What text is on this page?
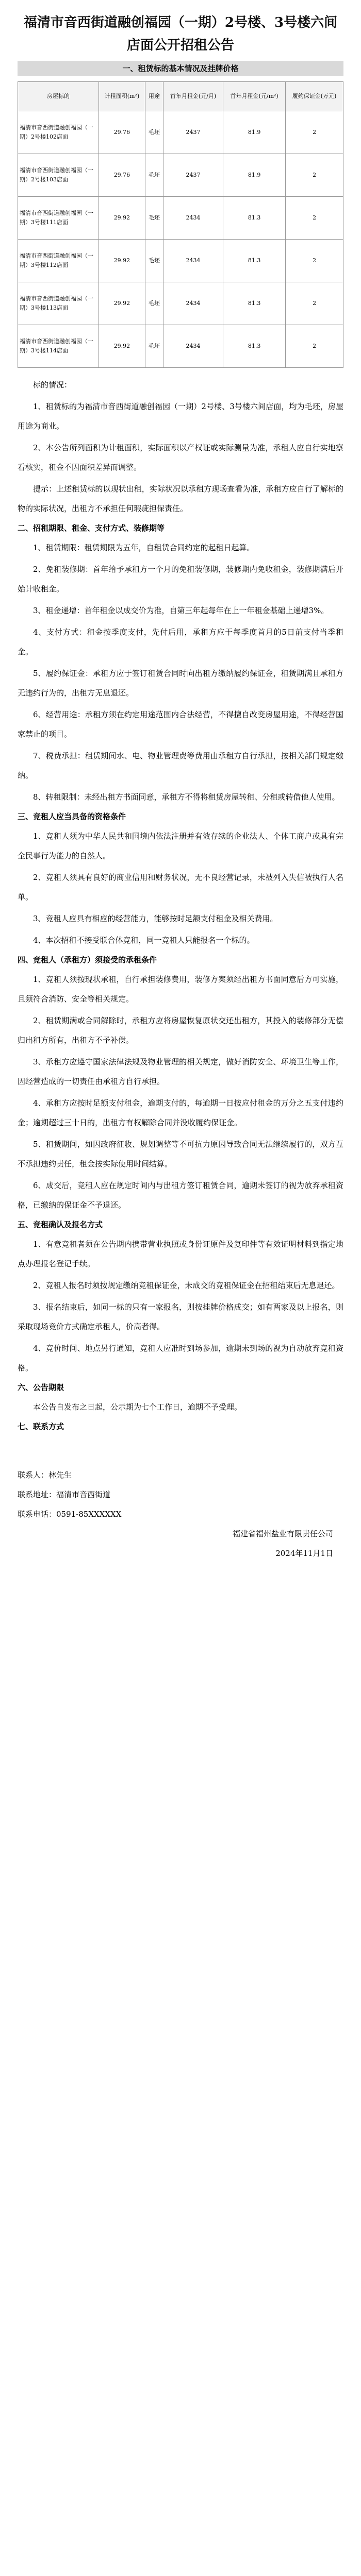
福清市音西街道融创福园（一期）2号楼、3号楼六间店面公开招租公告
一、租赁标的基本情况及挂牌价格
房屋标的	计租面积(m²)	用途	首年月租金(元/月)	首年月租金(元/m²)	履约保证金(万元)
福清市音西街道融创福园（一期）2号楼102店面	29.76	毛坯	2437	81.9	2
福清市音西街道融创福园（一期）2号楼103店面	29.76	毛坯	2437	81.9	2
福清市音西街道融创福园（一期）3号楼111店面	29.92	毛坯	2434	81.3	2
福清市音西街道融创福园（一期）3号楼112店面	29.92	毛坯	2434	81.3	2
福清市音西街道融创福园（一期）3号楼113店面	29.92	毛坯	2434	81.3	2
福清市音西街道融创福园（一期）3号楼114店面	29.92	毛坯	2434	81.3	2

标的情况：

1、租赁标的为福清市音西街道融创福园（一期）2号楼、3号楼六间店面，均为毛坯，房屋用途为商业。

2、本公告所列面积为计租面积，实际面积以产权证或实际测量为准，承租人应自行实地察看核实，租金不因面积差异而调整。

提示：上述租赁标的以现状出租，实际状况以承租方现场查看为准，承租方应自行了解标的物的实际状况，出租方不承担任何瑕疵担保责任。

二、招租期限、租金、支付方式、装修期等

1、租赁期限：租赁期限为五年，自租赁合同约定的起租日起算。

2、免租装修期：首年给予承租方一个月的免租装修期，装修期内免收租金，装修期满后开始计收租金。

3、租金递增：首年租金以成交价为准，自第三年起每年在上一年租金基础上递增3%。

4、支付方式：租金按季度支付，先付后用，承租方应于每季度首月的5日前支付当季租金。

5、履约保证金：承租方应于签订租赁合同时向出租方缴纳履约保证金，租赁期满且承租方无违约行为的，出租方无息退还。

6、经营用途：承租方须在约定用途范围内合法经营，不得擅自改变房屋用途，不得经营国家禁止的项目。

7、税费承担：租赁期间水、电、物业管理费等费用由承租方自行承担，按相关部门规定缴纳。

8、转租限制：未经出租方书面同意，承租方不得将租赁房屋转租、分租或转借他人使用。

三、竞租人应当具备的资格条件

1、竞租人须为中华人民共和国境内依法注册并有效存续的企业法人、个体工商户或具有完全民事行为能力的自然人。

2、竞租人须具有良好的商业信用和财务状况，无不良经营记录，未被列入失信被执行人名单。

3、竞租人应具有相应的经营能力，能够按时足额支付租金及相关费用。

4、本次招租不接受联合体竞租，同一竞租人只能报名一个标的。

四、竞租人（承租方）须接受的承租条件

1、竞租人须按现状承租，自行承担装修费用，装修方案须经出租方书面同意后方可实施，且须符合消防、安全等相关规定。

2、租赁期满或合同解除时，承租方应将房屋恢复原状交还出租方，其投入的装修部分无偿归出租方所有，出租方不予补偿。

3、承租方应遵守国家法律法规及物业管理的相关规定，做好消防安全、环境卫生等工作，因经营造成的一切责任由承租方自行承担。

4、承租方应按时足额支付租金，逾期支付的，每逾期一日按应付租金的万分之五支付违约金；逾期超过三十日的，出租方有权解除合同并没收履约保证金。

5、租赁期间，如因政府征收、规划调整等不可抗力原因导致合同无法继续履行的，双方互不承担违约责任，租金按实际使用时间结算。

6、成交后，竞租人应在规定时间内与出租方签订租赁合同，逾期未签订的视为放弃承租资格，已缴纳的保证金不予退还。

五、竞租确认及报名方式

1、有意竞租者须在公告期内携带营业执照或身份证原件及复印件等有效证明材料到指定地点办理报名登记手续。

2、竞租人报名时须按规定缴纳竞租保证金，未成交的竞租保证金在招租结束后无息退还。

3、报名结束后，如同一标的只有一家报名，则按挂牌价格成交；如有两家及以上报名，则采取现场竞价方式确定承租人，价高者得。

4、竞价时间、地点另行通知，竞租人应准时到场参加，逾期未到场的视为自动放弃竞租资格。

六、公告期限

本公告自发布之日起，公示期为七个工作日，逾期不予受理。

七、联系方式
联系人：林先生
联系地址：福清市音西街道
联系电话：0591-85XXXXXX
福建省福州盐业有限责任公司
2024年11月1日
